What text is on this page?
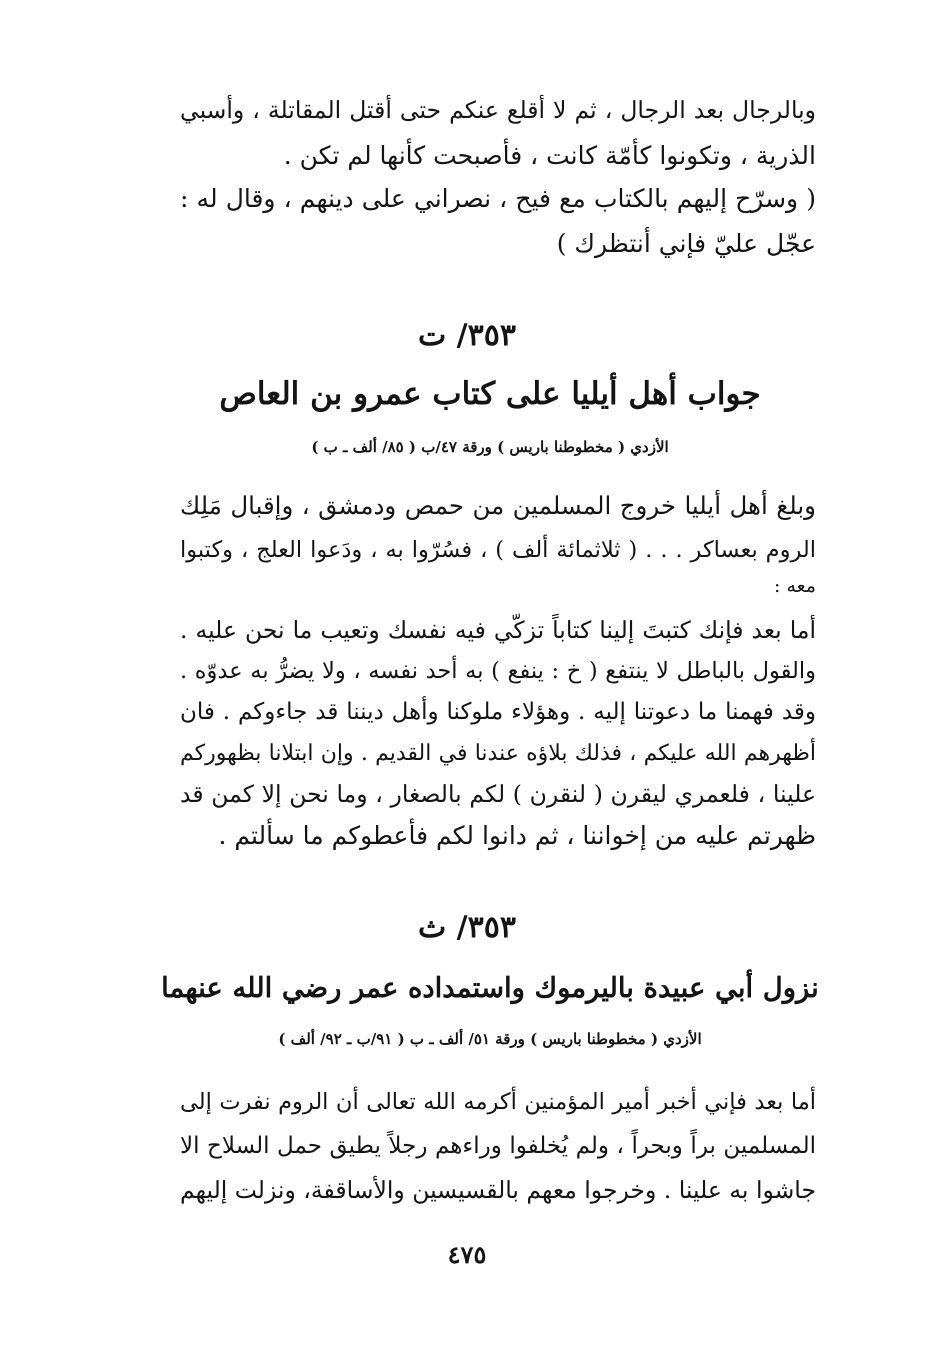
وبالرجال بعد الرجال ، ثم لا أقلع عنكم حتى أقتل المقاتلة ، وأسبي
الذرية ، وتكونوا كأمّة كانت ، فأصبحت كأنها لم تكن .
( وسرّح إليهم بالكتاب مع فيح ، نصراني على دينهم ، وقال له :
عجّل عليّ فإني أنتظرك )
٣٥٣/ ت
جواب أهل أيليا على كتاب عمرو بن العاص
الأزدي ( مخطوطنا باريس ) ورقة ٤٧/ب ( ٨٥/ ألف ـ ب )
وبلغ أهل أيليا خروج المسلمين من حمص ودمشق ، وإقبال مَلِك
الروم بعساكر . . . ( ثلاثمائة ألف ) ، فسُرّوا به ، ودَعوا العلج ، وكتبوا
معه :
أما بعد فإنك كتبتَ إلينا كتاباً تزكّي فيه نفسك وتعيب ما نحن عليه .
والقول بالباطل لا ينتفع ( خ : ينفع ) به أحد نفسه ، ولا يضرُّ به عدوّه .
وقد فهمنا ما دعوتنا إليه . وهؤلاء ملوكنا وأهل ديننا قد جاءوكم . فان
أظهرهم الله عليكم ، فذلك بلاؤه عندنا في القديم . وإن ابتلانا بظهوركم
علينا ، فلعمري ليقرن ( لنقرن ) لكم بالصغار ، وما نحن إلا كمن قد
ظهرتم عليه من إخواننا ، ثم دانوا لكم فأعطوكم ما سألتم .
٣٥٣/ ث
نزول أبي عبيدة باليرموك واستمداده عمر رضي الله عنهما
الأزدي ( مخطوطنا باريس ) ورقة ٥١/ ألف ـ ب ( ٩١/ب ـ ٩٢/ ألف )
أما بعد فإني أخبر أمير المؤمنين أكرمه الله تعالى أن الروم نفرت إلى
المسلمين براً وبحراً ، ولم يُخلفوا وراءهم رجلاً يطيق حمل السلاح الا
جاشوا به علينا . وخرجوا معهم بالقسيسين والأساقفة، ونزلت إليهم
٤٧٥
